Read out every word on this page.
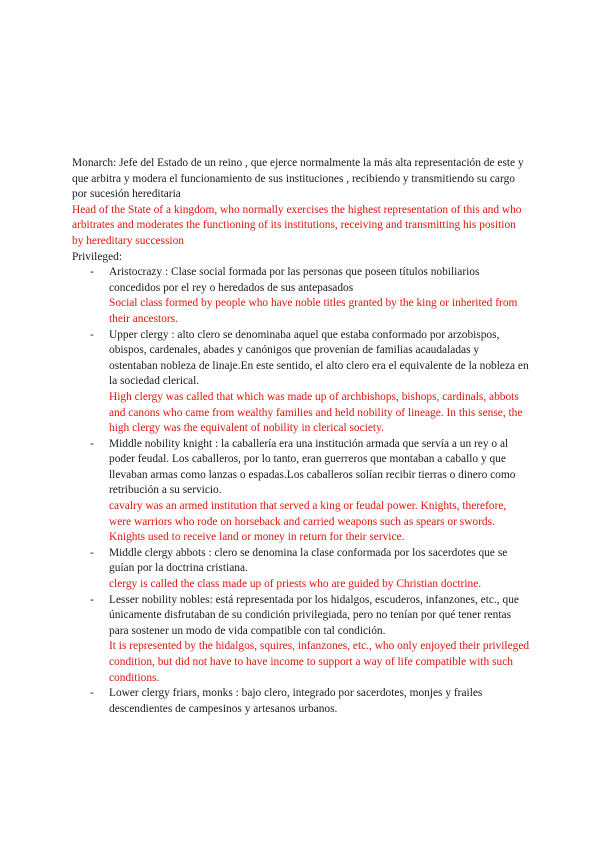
Monarch: Jefe del Estado de un reino , que ejerce normalmente la más alta representación de este y que arbitra y modera el funcionamiento de sus instituciones , recibiendo y transmitiendo su cargo por sucesión hereditaria

Head of the State of a kingdom, who normally exercises the highest representation of this and who arbitrates and moderates the functioning of its institutions, receiving and transmitting his position by hereditary succession

Privileged:

- Aristocrazy : Clase social formada por las personas que poseen títulos nobiliarios concedidos por el rey o heredados de sus antepasados

Social class formed by people who have noble titles granted by the king or inherited from their ancestors.

- Upper clergy : alto clero se denominaba aquel que estaba conformado por arzobispos, obispos, cardenales, abades y canónigos que provenían de familias acaudaladas y ostentaban nobleza de linaje.En este sentido, el alto clero era el equivalente de la nobleza en la sociedad clerical.

High clergy was called that which was made up of archbishops, bishops, cardinals, abbots and canons who came from wealthy families and held nobility of lineage. In this sense, the high clergy was the equivalent of nobility in clerical society.

- Middle nobility knight : la caballería era una institución armada que servía a un rey o al poder feudal. Los caballeros, por lo tanto, eran guerreros que montaban a caballo y que llevaban armas como lanzas o espadas.Los caballeros solían recibir tierras o dinero como retribución a su servicio.

cavalry was an armed institution that served a king or feudal power. Knights, therefore, were warriors who rode on horseback and carried weapons such as spears or swords. Knights used to receive land or money in return for their service.

- Middle clergy abbots : clero se denomina la clase conformada por los sacerdotes que se guían por la doctrina cristiana.

clergy is called the class made up of priests who are guided by Christian doctrine.

- Lesser nobility nobles: está representada por los hidalgos, escuderos, infanzones, etc., que únicamente disfrutaban de su condición privilegiada, pero no tenían por qué tener rentas para sostener un modo de vida compatible con tal condición.

It is represented by the hidalgos, squires, infanzones, etc., who only enjoyed their privileged condition, but did not have to have income to support a way of life compatible with such conditions.

- Lower clergy friars, monks : bajo clero, integrado por sacerdotes, monjes y frailes descendientes de campesinos y artesanos urbanos.
